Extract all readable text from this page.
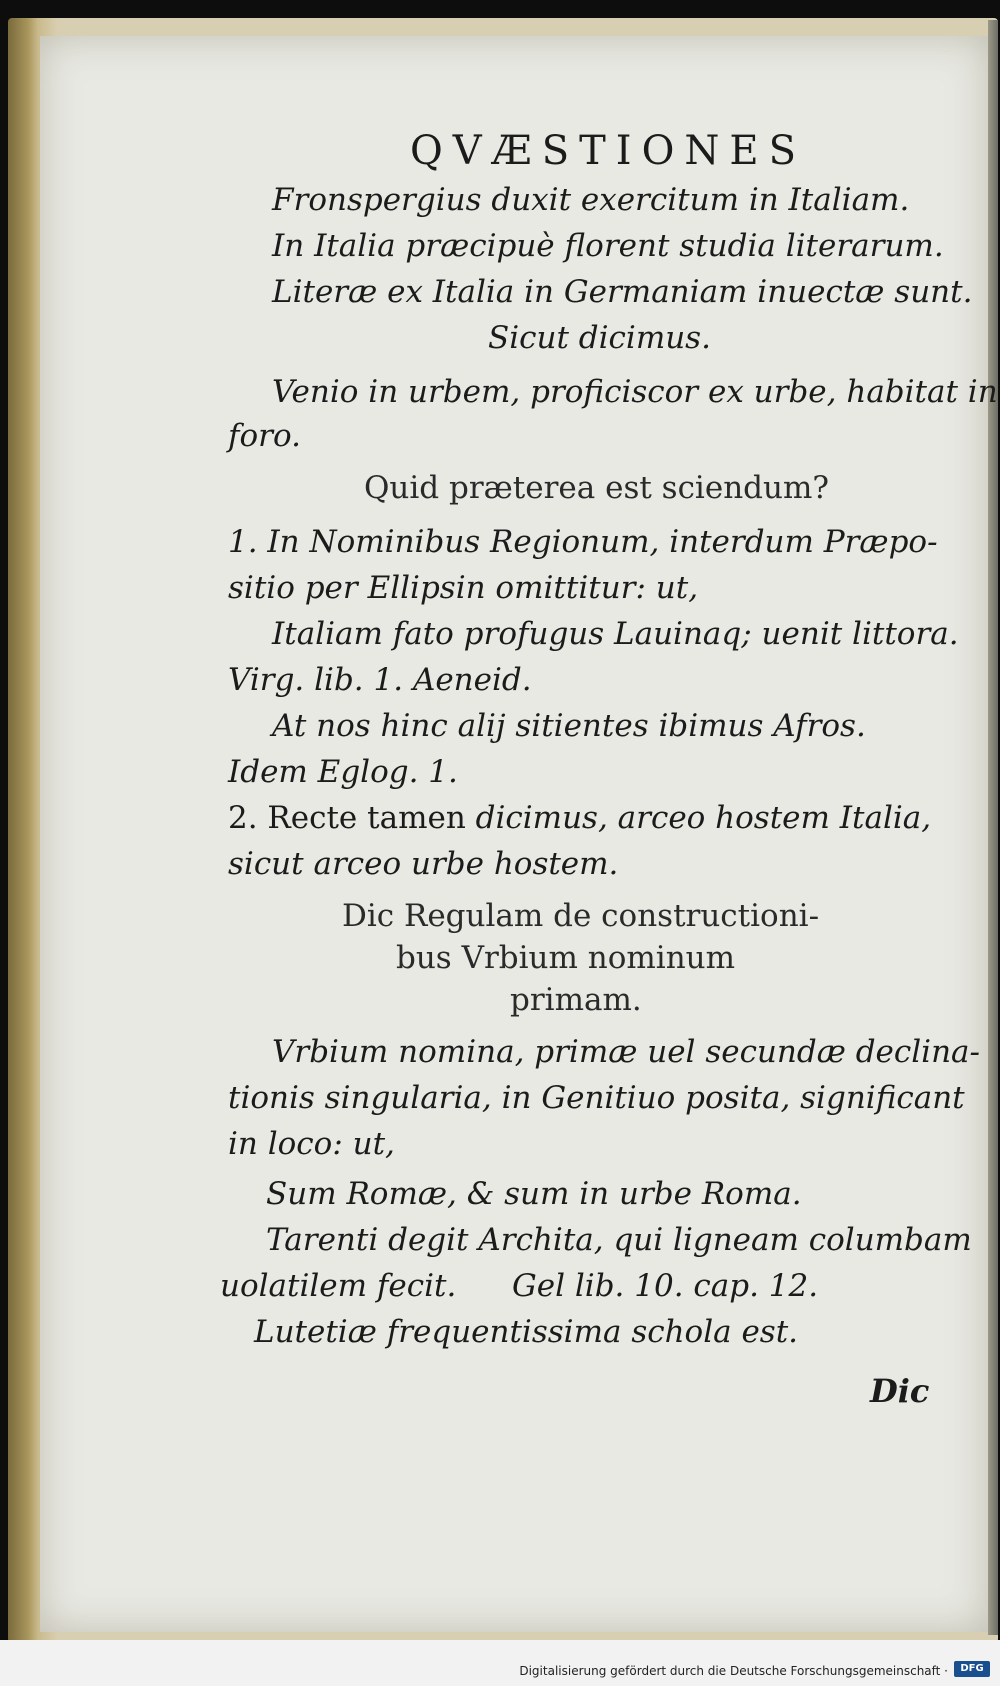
QVÆSTIONES
Fronspergius duxit exercitum in Italiam.
In Italia præcipuè florent studia literarum.
Literæ ex Italia in Germaniam inuectæ sunt.
Sicut dicimus.
Venio in urbem, proficiscor ex urbe, habitat in
foro.
Quid præterea est sciendum?
1. In Nominibus Regionum, interdum Præpo-
sitio per Ellipsin omittitur: ut,
Italiam fato profugus Lauinaq; uenit littora.
Virg. lib. 1. Aeneid.
At nos hinc alij sitientes ibimus Afros.
Idem Eglog. 1.
2. Recte tamen dicimus, arceo hostem Italia,
sicut arceo urbe hostem.
Dic Regulam de constructioni-
bus Vrbium nominum
primam.
Vrbium nomina, primæ uel secundæ declina-
tionis singularia, in Genitiuo posita, significant
in loco: ut,
Sum Romæ, & sum in urbe Roma.
Tarenti degit Archita, qui ligneam columbam
uolatilem fecit. Gel lib. 10. cap. 12.
Lutetiæ frequentissima schola est.
Dic
Digitalisierung gefördert durch die Deutsche Forschungsgemeinschaft ·	DFG
